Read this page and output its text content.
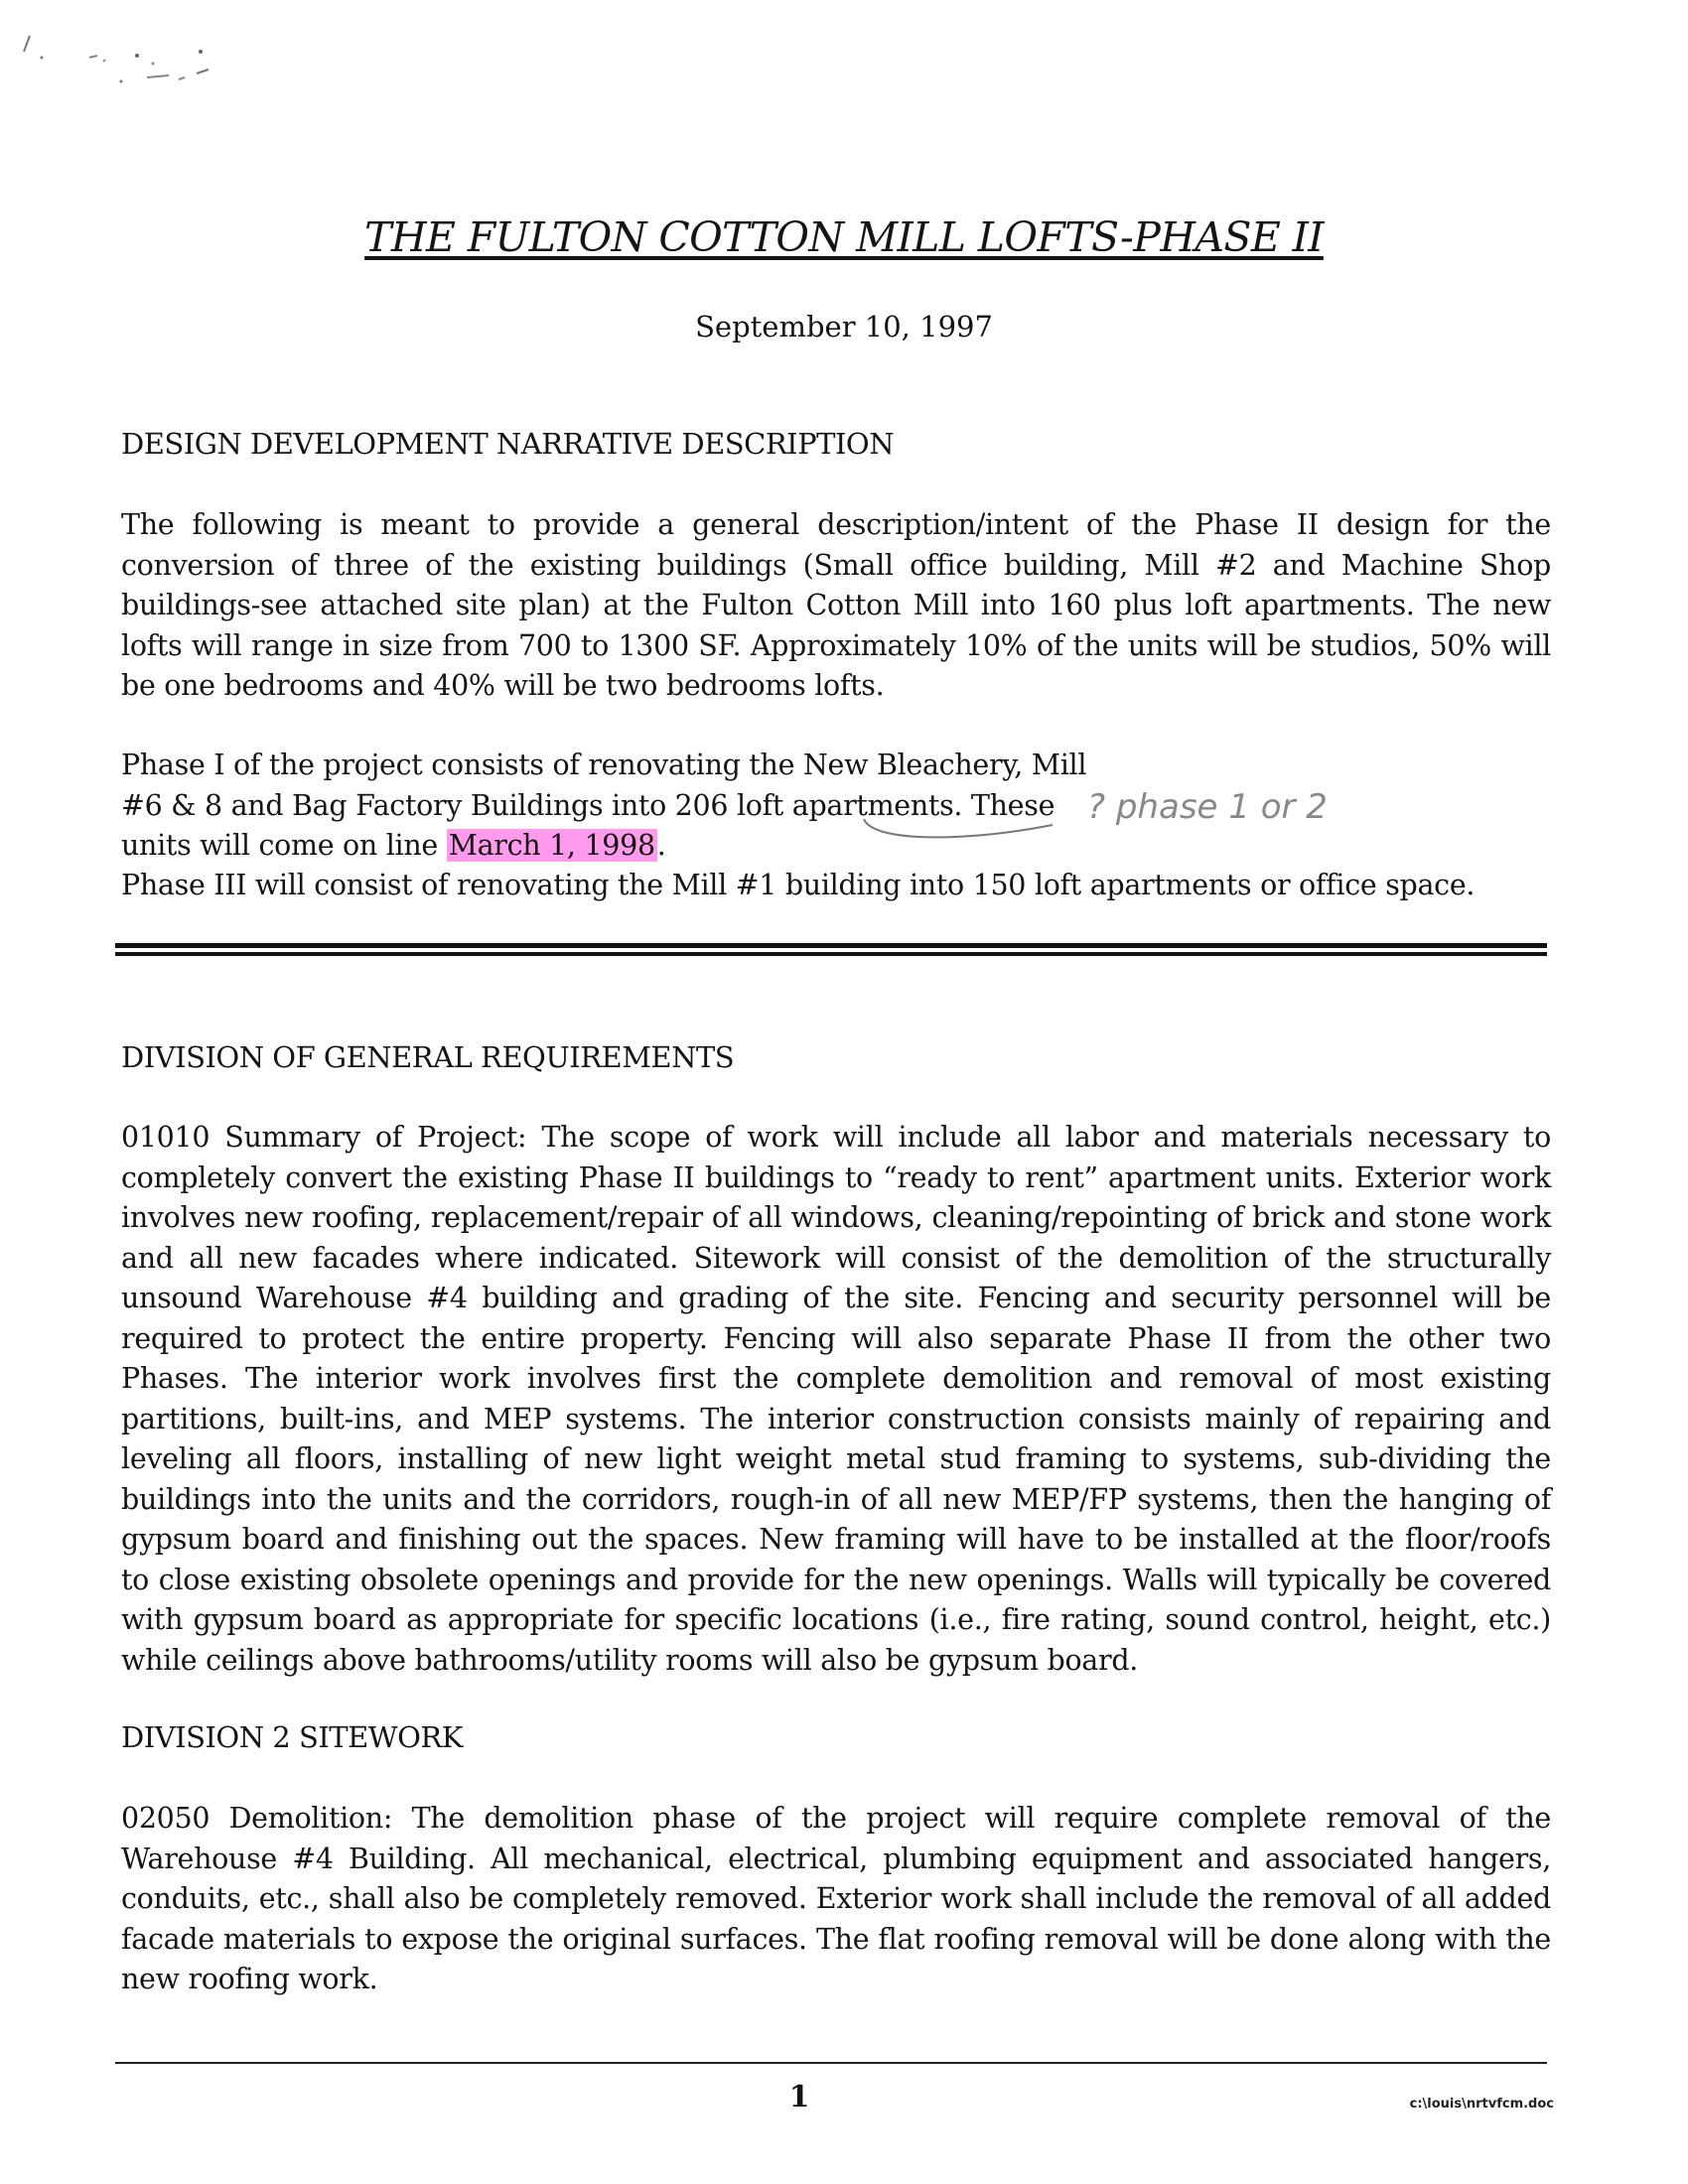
THE FULTON COTTON MILL LOFTS-PHASE II
September 10, 1997
DESIGN DEVELOPMENT NARRATIVE DESCRIPTION

The following is meant to provide a general description/intent of the Phase II design for the conversion of three of the existing buildings (Small office building, Mill #2 and Machine Shop buildings-see attached site plan) at the Fulton Cotton Mill into 160 plus loft apartments. The new lofts will range in size from 700 to 1300 SF. Approximately 10% of the units will be studios, 50% will be one bedrooms and 40% will be two bedrooms lofts.

Phase I of the project consists of renovating the New Bleachery, Mill #6 & 8 and Bag Factory Buildings into 206 loft apartments. These units will come on line March 1, 1998.

? phase 1 or 2

Phase III will consist of renovating the Mill #1 building into 150 loft apartments or office space.

DIVISION OF GENERAL REQUIREMENTS

01010 Summary of Project: The scope of work will include all labor and materials necessary to completely convert the existing Phase II buildings to “ready to rent” apartment units. Exterior work involves new roofing, replacement/repair of all windows, cleaning/repointing of brick and stone work and all new facades where indicated. Sitework will consist of the demolition of the structurally unsound Warehouse #4 building and grading of the site. Fencing and security personnel will be required to protect the entire property. Fencing will also separate Phase II from the other two Phases. The interior work involves first the complete demolition and removal of most existing partitions, built-ins, and MEP systems. The interior construction consists mainly of repairing and leveling all floors, installing of new light weight metal stud framing to systems, sub-dividing the buildings into the units and the corridors, rough-in of all new MEP/FP systems, then the hanging of gypsum board and finishing out the spaces. New framing will have to be installed at the floor/roofs to close existing obsolete openings and provide for the new openings. Walls will typically be covered with gypsum board as appropriate for specific locations (i.e., fire rating, sound control, height, etc.) while ceilings above bathrooms/utility rooms will also be gypsum board.

DIVISION 2 SITEWORK

02050 Demolition: The demolition phase of the project will require complete removal of the Warehouse #4 Building. All mechanical, electrical, plumbing equipment and associated hangers, conduits, etc., shall also be completely removed. Exterior work shall include the removal of all added facade materials to expose the original surfaces. The flat roofing removal will be done along with the new roofing work.

1	c:\louis\nrtvfcm.doc
